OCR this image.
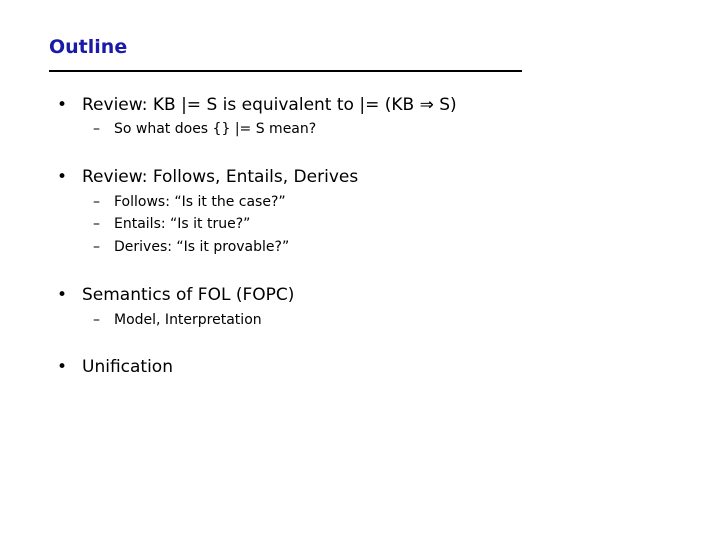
Outline
• Review: KB |= S is equivalent to |= (KB ⇒ S)
– So what does {} |= S mean?
• Review: Follows, Entails, Derives
– Follows: “Is it the case?”
– Entails: “Is it true?”
– Derives: “Is it provable?”
• Semantics of FOL (FOPC)
– Model, Interpretation
• Unification
